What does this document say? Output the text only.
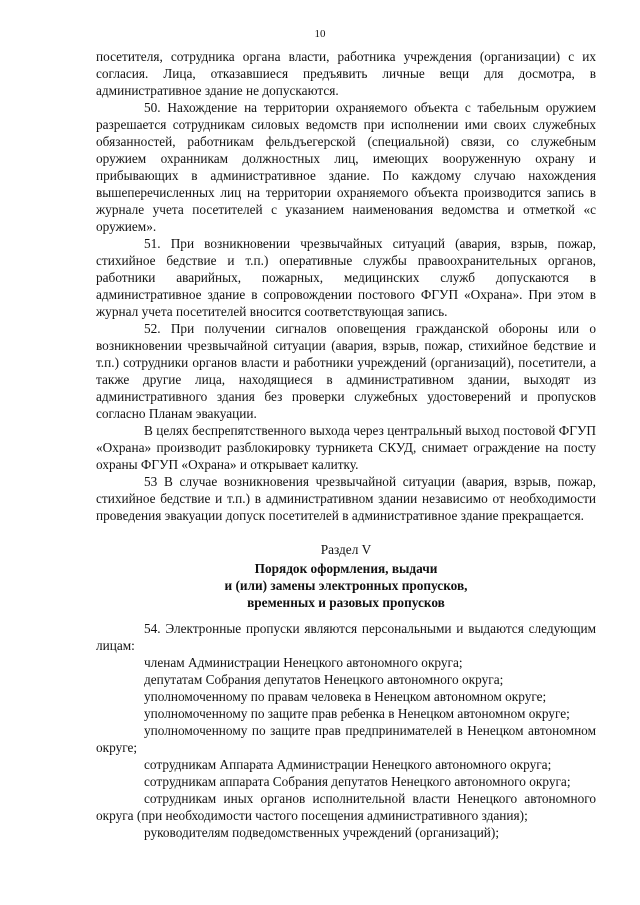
10

посетителя, сотрудника органа власти, работника учреждения (организации) с их согласия. Лица, отказавшиеся предъявить личные вещи для досмотра, в административное здание не допускаются.

50. Нахождение на территории охраняемого объекта с табельным оружием разрешается сотрудникам силовых ведомств при исполнении ими своих служебных обязанностей, работникам фельдъегерской (специальной) связи, со служебным оружием охранникам должностных лиц, имеющих вооруженную охрану и прибывающих в административное здание. По каждому случаю нахождения вышеперечисленных лиц на территории охраняемого объекта производится запись в журнале учета посетителей с указанием наименования ведомства и отметкой «с оружием».

51. При возникновении чрезвычайных ситуаций (авария, взрыв, пожар, стихийное бедствие и т.п.) оперативные службы правоохранительных органов, работники аварийных, пожарных, медицинских служб допускаются в административное здание в сопровождении постового ФГУП «Охрана». При этом в журнал учета посетителей вносится соответствующая запись.

52. При получении сигналов оповещения гражданской обороны или о возникновении чрезвычайной ситуации (авария, взрыв, пожар, стихийное бедствие и т.п.) сотрудники органов власти и работники учреждений (организаций), посетители, а также другие лица, находящиеся в административном здании, выходят из административного здания без проверки служебных удостоверений и пропусков согласно Планам эвакуации.

В целях беспрепятственного выхода через центральный выход постовой ФГУП «Охрана» производит разблокировку турникета СКУД, снимает ограждение на посту охраны ФГУП «Охрана» и открывает калитку.

53 В случае возникновения чрезвычайной ситуации (авария, взрыв, пожар, стихийное бедствие и т.п.) в административном здании независимо от необходимости проведения эвакуации допуск посетителей в административное здание прекращается.

Раздел V

Порядок оформления, выдачи

и (или) замены электронных пропусков,

временных и разовых пропусков

54. Электронные пропуски являются персональными и выдаются следующим лицам:

членам Администрации Ненецкого автономного округа;

депутатам Собрания депутатов Ненецкого автономного округа;

уполномоченному по правам человека в Ненецком автономном округе;

уполномоченному по защите прав ребенка в Ненецком автономном округе;

уполномоченному по защите прав предпринимателей в Ненецком автономном округе;

сотрудникам Аппарата Администрации Ненецкого автономного округа;

сотрудникам аппарата Собрания депутатов Ненецкого автономного округа;

сотрудникам иных органов исполнительной власти Ненецкого автономного округа (при необходимости частого посещения административного здания);

руководителям подведомственных учреждений (организаций);
